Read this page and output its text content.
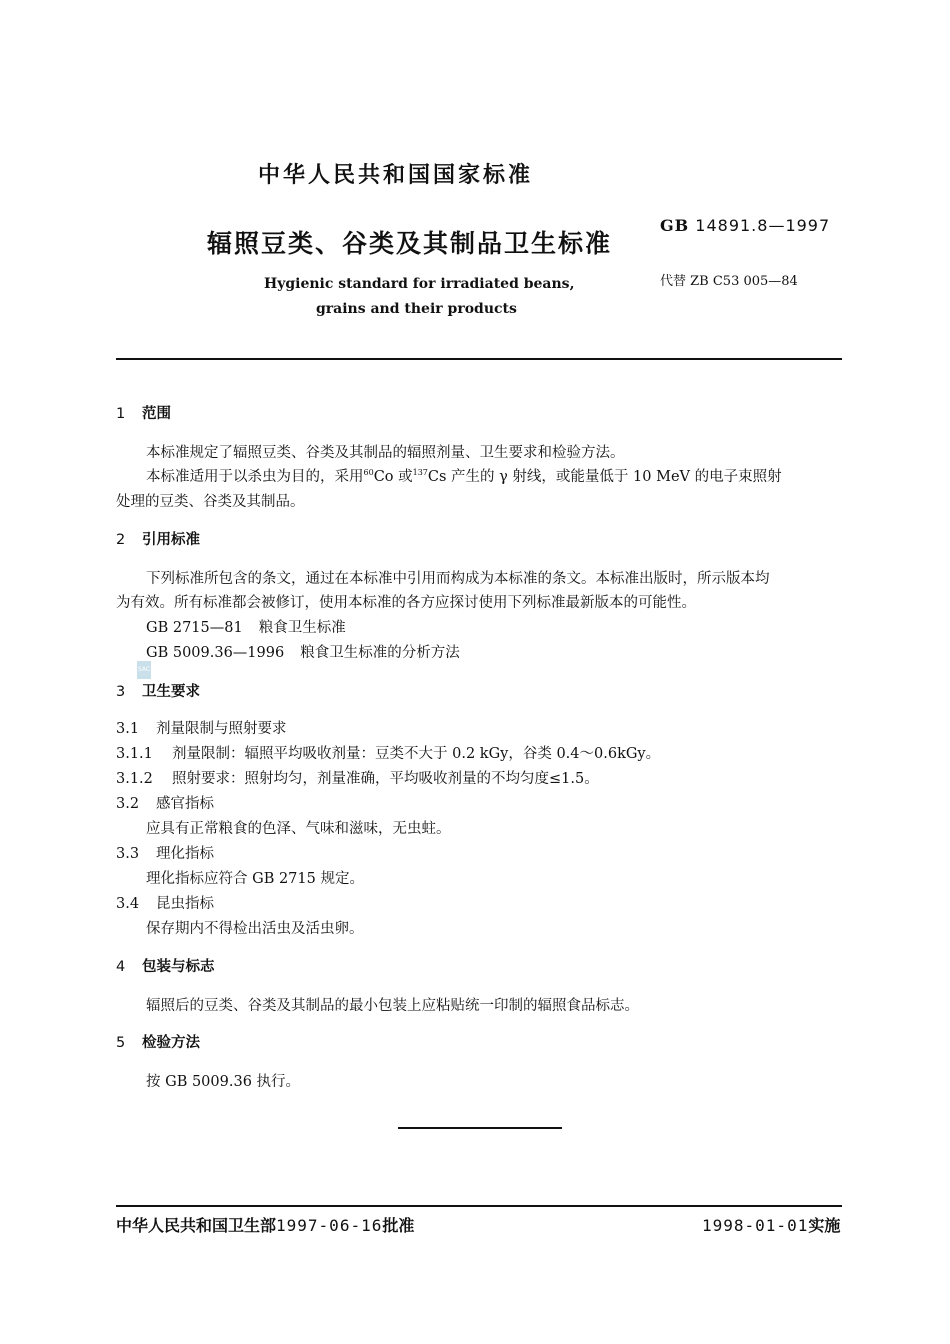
中华人民共和国国家标准
辐照豆类、谷类及其制品卫生标准
GB 14891.8—1997
代替 ZB C53 005—84
Hygienic standard for irradiated beans,
grains and their products
1 范围
本标准规定了辐照豆类、谷类及其制品的辐照剂量、卫生要求和检验方法。
本标准适用于以杀虫为目的，采用$^{60}$Co 或$^{137}$Cs 产生的 γ 射线，或能量低于 10 MeV 的电子束照射
处理的豆类、谷类及其制品。
2 引用标准
下列标准所包含的条文，通过在本标准中引用而构成为本标准的条文。本标准出版时，所示版本均
为有效。所有标准都会被修订，使用本标准的各方应探讨使用下列标准最新版本的可能性。
GB 2715—81 粮食卫生标准
GB 5009.36—1996 粮食卫生标准的分析方法
SAC
3 卫生要求
3.1 剂量限制与照射要求
3.1.1 剂量限制：辐照平均吸收剂量：豆类不大于 0.2 kGy，谷类 0.4～0.6kGy。
3.1.2 照射要求：照射均匀，剂量准确，平均吸收剂量的不均匀度≤1.5。
3.2 感官指标
应具有正常粮食的色泽、气味和滋味，无虫蛀。
3.3 理化指标
理化指标应符合 GB 2715 规定。
3.4 昆虫指标
保存期内不得检出活虫及活虫卵。
4 包装与标志
辐照后的豆类、谷类及其制品的最小包装上应粘贴统一印制的辐照食品标志。
5 检验方法
按 GB 5009.36 执行。
中华人民共和国卫生部1997-06-16批准	1998-01-01实施
